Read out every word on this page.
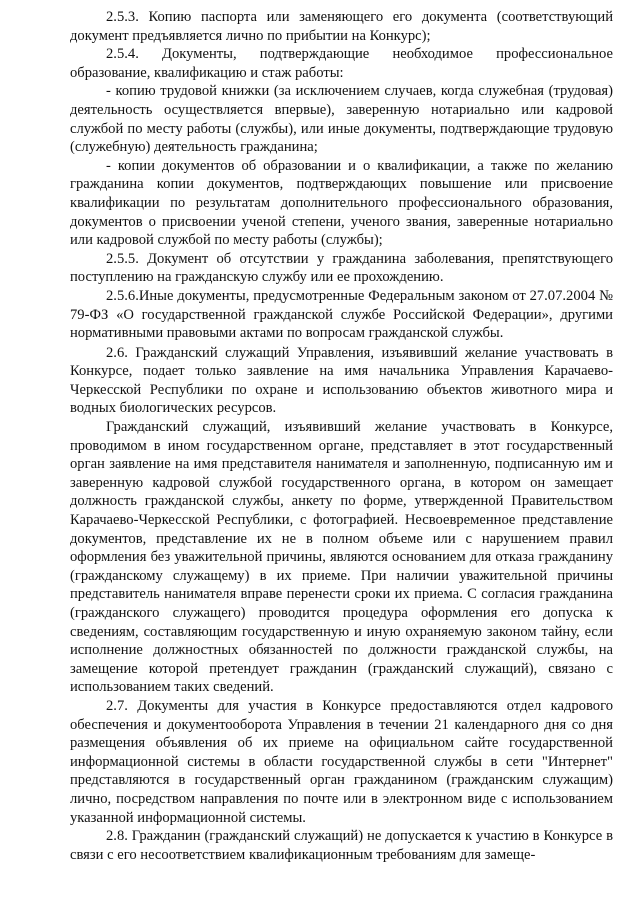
2.5.3. Копию паспорта или заменяющего его документа (соответствующий документ предъявляется лично по прибытии на Конкурс);

2.5.4. Документы, подтверждающие необходимое профессиональное образование, квалификацию и стаж работы:

- копию трудовой книжки (за исключением случаев, когда служебная (трудовая) деятельность осуществляется впервые), заверенную нотариально или кадровой службой по месту работы (службы), или иные документы, подтверждающие трудовую (служебную) деятельность гражданина;

- копии документов об образовании и о квалификации, а также по желанию гражданина копии документов, подтверждающих повышение или присвоение квалификации по результатам дополнительного профессионального образования, документов о присвоении ученой степени, ученого звания, заверенные нотариально или кадровой службой по месту работы (службы);

2.5.5. Документ об отсутствии у гражданина заболевания, препятствующего поступлению на гражданскую службу или ее прохождению.

2.5.6.Иные документы, предусмотренные Федеральным законом от 27.07.2004 № 79-ФЗ «О государственной гражданской службе Российской Федерации», другими нормативными правовыми актами по вопросам гражданской службы.

2.6. Гражданский служащий Управления, изъявивший желание участвовать в Конкурсе, подает только заявление на имя начальника Управления Карачаево-Черкесской Республики по охране и использованию объектов животного мира и водных биологических ресурсов.

Гражданский служащий, изъявивший желание участвовать в Конкурсе, проводимом в ином государственном органе, представляет в этот государственный орган заявление на имя представителя нанимателя и заполненную, подписанную им и заверенную кадровой службой государственного органа, в котором он замещает должность гражданской службы, анкету по форме, утвержденной Правительством Карачаево-Черкесской Республики, с фотографией. Несвоевременное представление документов, представление их не в полном объеме или с нарушением правил оформления без уважительной причины, являются основанием для отказа гражданину (гражданскому служащему) в их приеме. При наличии уважительной причины представитель нанимателя вправе перенести сроки их приема. С согласия гражданина (гражданского служащего) проводится процедура оформления его допуска к сведениям, составляющим государственную и иную охраняемую законом тайну, если исполнение должностных обязанностей по должности гражданской службы, на замещение которой претендует гражданин (гражданский служащий), связано с использованием таких сведений.

2.7. Документы для участия в Конкурсе предоставляются отдел кадрового обеспечения и документооборота Управления в течении 21 календарного дня со дня размещения объявления об их приеме на официальном сайте государственной информационной системы в области государственной службы в сети "Интернет" представляются в государственный орган гражданином (гражданским служащим) лично, посредством направления по почте или в электронном виде с использованием указанной информационной системы.

2.8. Гражданин (гражданский служащий) не допускается к участию в Конкурсе в связи с его несоответствием квалификационным требованиям для замеще-
